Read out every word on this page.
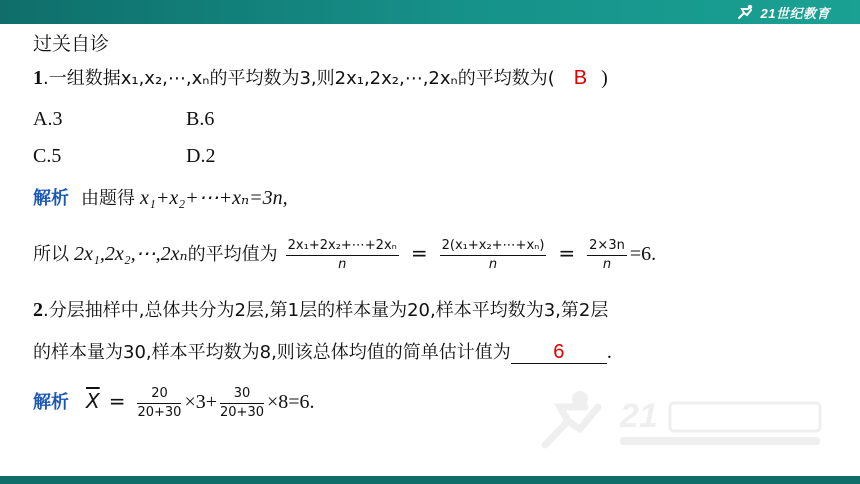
21世纪教育
21
过关自诊
1.一组数据x₁,x₂,⋯,xₙ的平均数为3,则2x₁,2x₂,⋯,2xₙ的平均数为( B )
A.3	B.6
C.5	D.2
解析 由题得 x₁+x₂+⋯+xₙ=3n,
所以 2x₁,2x₂,⋯,2xₙ的平均值为 $\frac{\text{2x₁+2x₂+⋯+2xₙ}}{n} = \frac{\text{2(x₁+x₂+⋯+xₙ)}}{n} = \frac{2\times 3n}{n} =6$.
2.分层抽样中,总体共分为2层,第1层的样本量为20,样本平均数为3,第2层
的样本量为30,样本平均数为8,则该总体均值的简单估计值为 6 .
解析 $\overline{X} = \frac{20}{20+30} \times 3+ \frac{30}{20+30} \times 8=6$.
